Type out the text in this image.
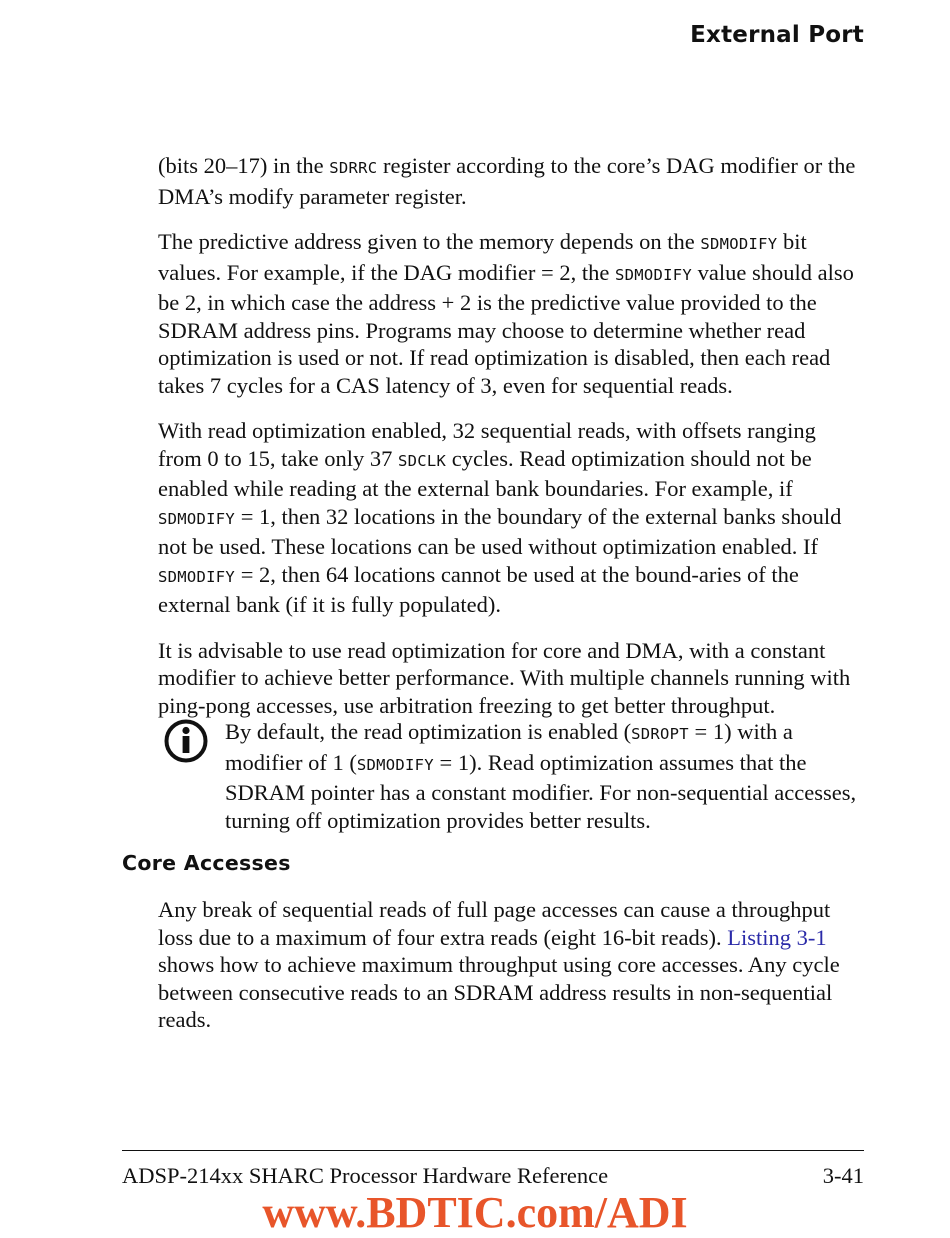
External Port

(bits 20–17) in the SDRRC register according to the core’s DAG modifier or the DMA’s modify parameter register.

The predictive address given to the memory depends on the SDMODIFY bit values. For example, if the DAG modifier = 2, the SDMODIFY value should also be 2, in which case the address + 2 is the predictive value provided to the SDRAM address pins. Programs may choose to determine whether read optimization is used or not. If read optimization is disabled, then each read takes 7 cycles for a CAS latency of 3, even for sequential reads.

With read optimization enabled, 32 sequential reads, with offsets ranging from 0 to 15, take only 37 SDCLK cycles. Read optimization should not be enabled while reading at the external bank boundaries. For example, if SDMODIFY = 1, then 32 locations in the boundary of the external banks should not be used. These locations can be used without optimization enabled. If SDMODIFY = 2, then 64 locations cannot be used at the bound-aries of the external bank (if it is fully populated).

It is advisable to use read optimization for core and DMA, with a constant modifier to achieve better performance. With multiple channels running with ping-pong accesses, use arbitration freezing to get better throughput.

By default, the read optimization is enabled (SDROPT = 1) with a modifier of 1 (SDMODIFY = 1). Read optimization assumes that the SDRAM pointer has a constant modifier. For non-sequential accesses, turning off optimization provides better results.
Core Accesses

Any break of sequential reads of full page accesses can cause a throughput loss due to a maximum of four extra reads (eight 16-bit reads). Listing 3-1 shows how to achieve maximum throughput using core accesses. Any cycle between consecutive reads to an SDRAM address results in non-sequential reads.

ADSP-214xx SHARC Processor Hardware Reference	3-41
www.BDTIC.com/ADI
